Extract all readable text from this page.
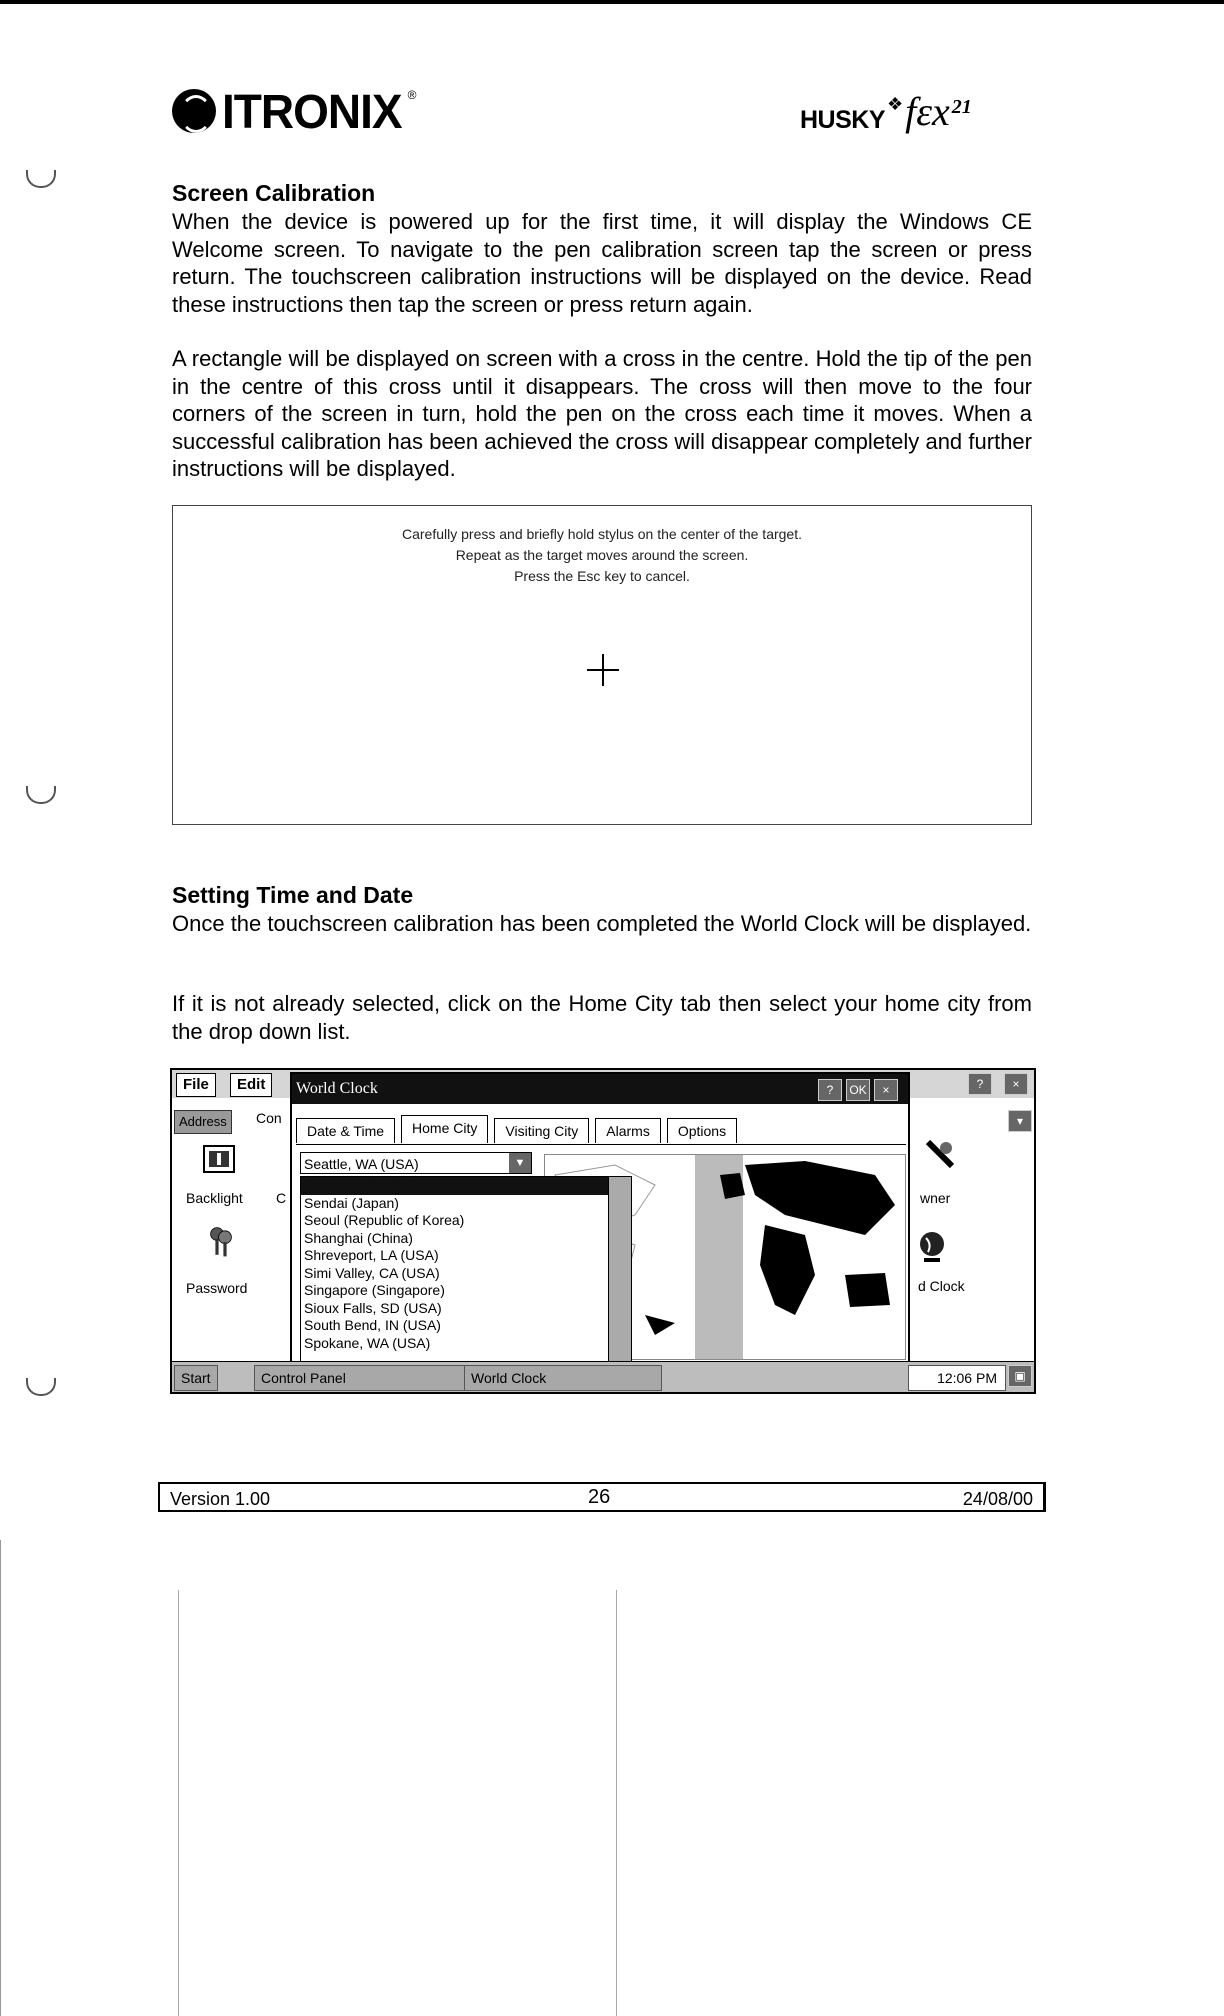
ITRONIX ®
HUSKY
❖ fεx 21
Screen Calibration
When the device is powered up for the first time, it will display the Windows CE Welcome screen. To navigate to the pen calibration screen tap the screen or press return. The touchscreen calibration instructions will be displayed on the device. Read these instructions then tap the screen or press return again.
A rectangle will be displayed on screen with a cross in the centre. Hold the tip of the pen in the centre of this cross until it disappears. The cross will then move to the four corners of the screen in turn, hold the pen on the cross each time it moves. When a successful calibration has been achieved the cross will disappear completely and further instructions will be displayed.
Carefully press and briefly hold stylus on the center of the target.
Repeat as the target moves around the screen.
Press the Esc key to cancel.
Setting Time and Date
Once the touchscreen calibration has been completed the World Clock will be displayed.
If it is not already selected, click on the Home City tab then select your home city from the drop down list.
File	Edit	?	×
Address	Con	▾
Backlight C
Password
wner
d Clock
World Clock	?	OK	×
Date & Time	Home City	Visiting City	Alarms	Options
Seattle, WA (USA)	▼
Seattle, WA (USA)
Sendai (Japan)
Seoul (Republic of Korea)
Shanghai (China)
Shreveport, LA (USA)
Simi Valley, CA (USA)
Singapore (Singapore)
Sioux Falls, SD (USA)
South Bend, IN (USA)
Spokane, WA (USA)
Start	Control Panel	World Clock	12:06 PM	▣
Version 1.00	26	24/08/00
